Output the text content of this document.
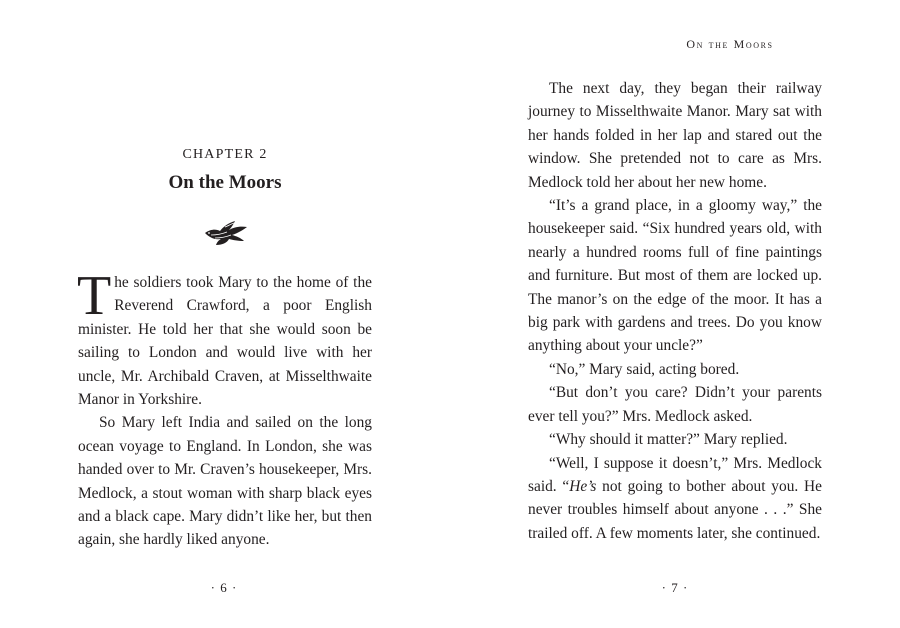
CHAPTER 2
On the Moors

The soldiers took Mary to the home of the Reverend Crawford, a poor English minister. He told her that she would soon be sailing to London and would live with her uncle, Mr. Archibald Craven, at Misselthwaite Manor in Yorkshire.

So Mary left India and sailed on the long ocean voyage to England. In London, she was handed over to Mr. Craven’s housekeeper, Mrs. Medlock, a stout woman with sharp black eyes and a black cape. Mary didn’t like her, but then again, she hardly liked anyone.

· 6 ·
On the Moors

The next day, they began their railway journey to Misselthwaite Manor. Mary sat with her hands folded in her lap and stared out the window. She pretended not to care as Mrs. Medlock told her about her new home.

“It’s a grand place, in a gloomy way,” the housekeeper said. “Six hundred years old, with nearly a hundred rooms full of fine paintings and furniture. But most of them are locked up. The manor’s on the edge of the moor. It has a big park with gardens and trees. Do you know anything about your uncle?”

“No,” Mary said, acting bored.

“But don’t you care? Didn’t your parents ever tell you?” Mrs. Medlock asked.

“Why should it matter?” Mary replied.

“Well, I suppose it doesn’t,” Mrs. Medlock said. “He’s not going to bother about you. He never troubles himself about anyone . . .” She trailed off. A few moments later, she continued.

· 7 ·
